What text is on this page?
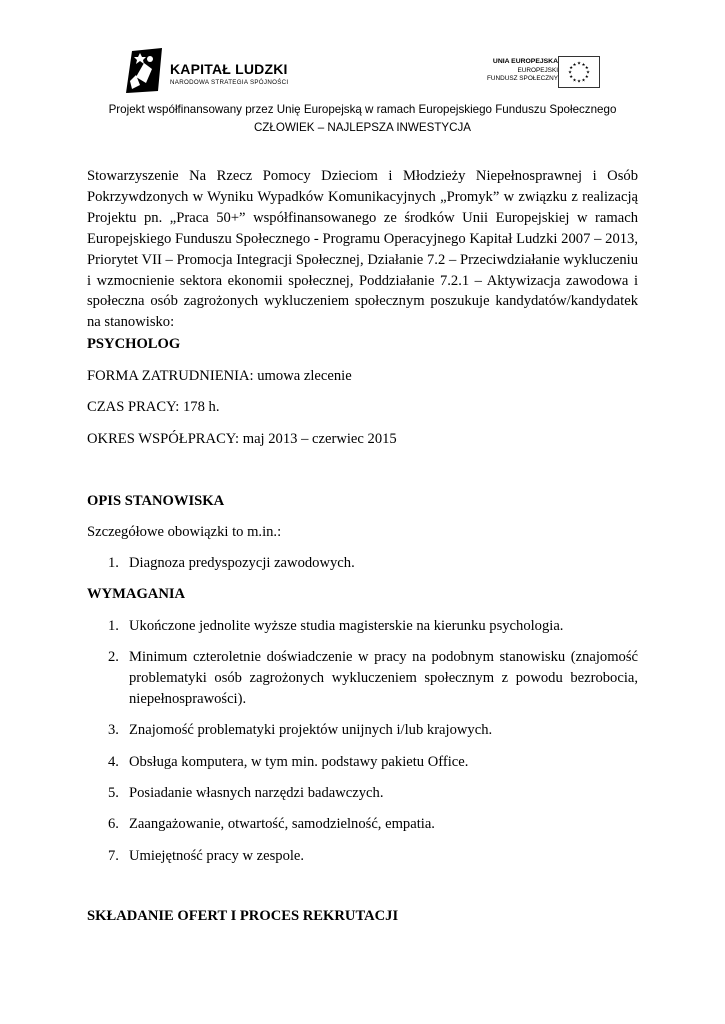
KAPITAŁ LUDZKI
NARODOWA STRATEGIA SPÓJNOŚCI
UNIA EUROPEJSKA
EUROPEJSKI
FUNDUSZ SPOŁECZNY
★
★
★
★
★
★
★
★
★ ★ ★
★
Projekt współfinansowany przez Unię Europejską w ramach Europejskiego Funduszu Społecznego
CZŁOWIEK – NAJLEPSZA INWESTYCJA

Stowarzyszenie Na Rzecz Pomocy Dzieciom i Młodzieży Niepełnosprawnej i Osób Pokrzywdzonych w Wyniku Wypadków Komunikacyjnych „Promyk” w związku z realizacją Projektu pn. „Praca 50+” współfinansowanego ze środków Unii Europejskiej w ramach Europejskiego Funduszu Społecznego - Programu Operacyjnego Kapitał Ludzki 2007 – 2013, Priorytet VII – Promocja Integracji Społecznej, Działanie 7.2 – Przeciwdziałanie wykluczeniu i wzmocnienie sektora ekonomii społecznej, Poddziałanie 7.2.1 – Aktywizacja zawodowa i społeczna osób zagrożonych wykluczeniem społecznym poszukuje kandydatów/kandydatek na stanowisko:

PSYCHOLOG
FORMA ZATRUDNIENIA: umowa zlecenie
CZAS PRACY: 178 h.
OKRES WSPÓŁPRACY: maj 2013 – czerwiec 2015
OPIS STANOWISKA
Szczegółowe obowiązki to m.in.:
1. Diagnoza predyspozycji zawodowych.
WYMAGANIA
1. Ukończone jednolite wyższe studia magisterskie na kierunku psychologia.
2. Minimum czteroletnie doświadczenie w pracy na podobnym stanowisku (znajomość problematyki osób zagrożonych wykluczeniem społecznym z powodu bezrobocia, niepełnosprawości).
3. Znajomość problematyki projektów unijnych i/lub krajowych.
4. Obsługa komputera, w tym min. podstawy pakietu Office.
5. Posiadanie własnych narzędzi badawczych.
6. Zaangażowanie, otwartość, samodzielność, empatia.
7. Umiejętność pracy w zespole.
SKŁADANIE OFERT I PROCES REKRUTACJI
